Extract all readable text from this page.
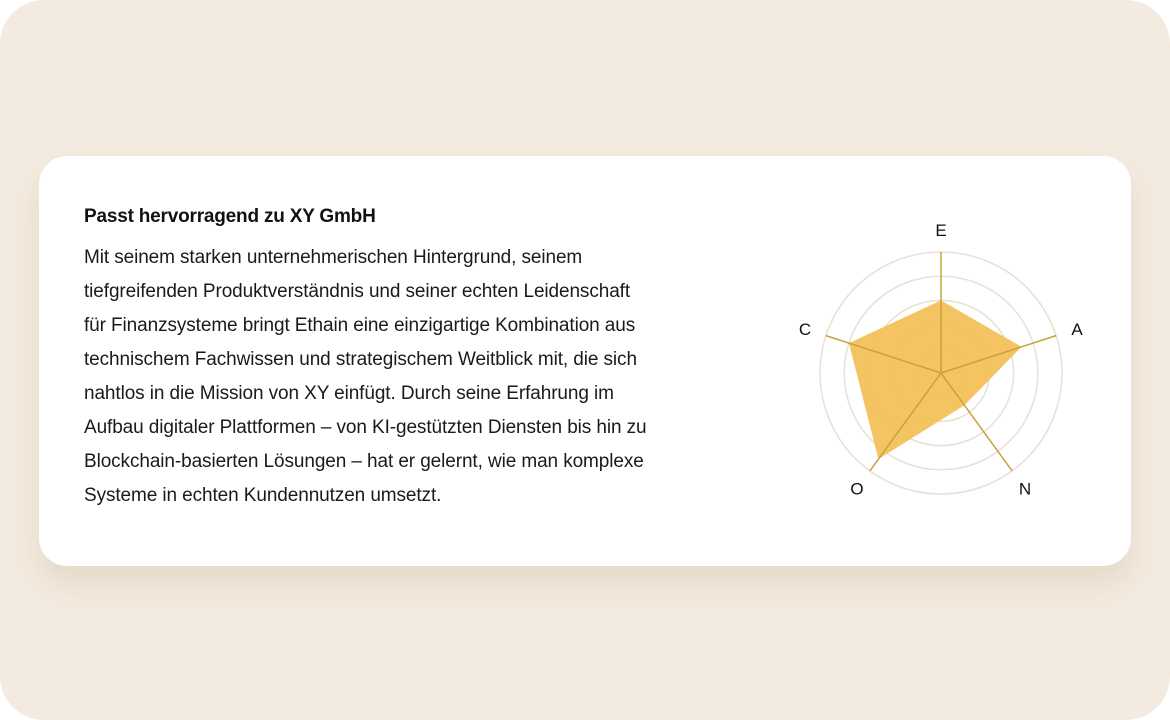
Passt hervorragend zu XY GmbH
Mit seinem starken unternehmerischen Hintergrund, seinem
tiefgreifenden Produktverständnis und seiner echten Leidenschaft
für Finanzsysteme bringt Ethain eine einzigartige Kombination aus
technischem Fachwissen und strategischem Weitblick mit, die sich
nahtlos in die Mission von XY einfügt. Durch seine Erfahrung im
Aufbau digitaler Plattformen – von KI-gestützten Diensten bis hin zu
Blockchain-basierten Lösungen – hat er gelernt, wie man komplexe
Systeme in echten Kundennutzen umsetzt.
E
A
N
O
C
